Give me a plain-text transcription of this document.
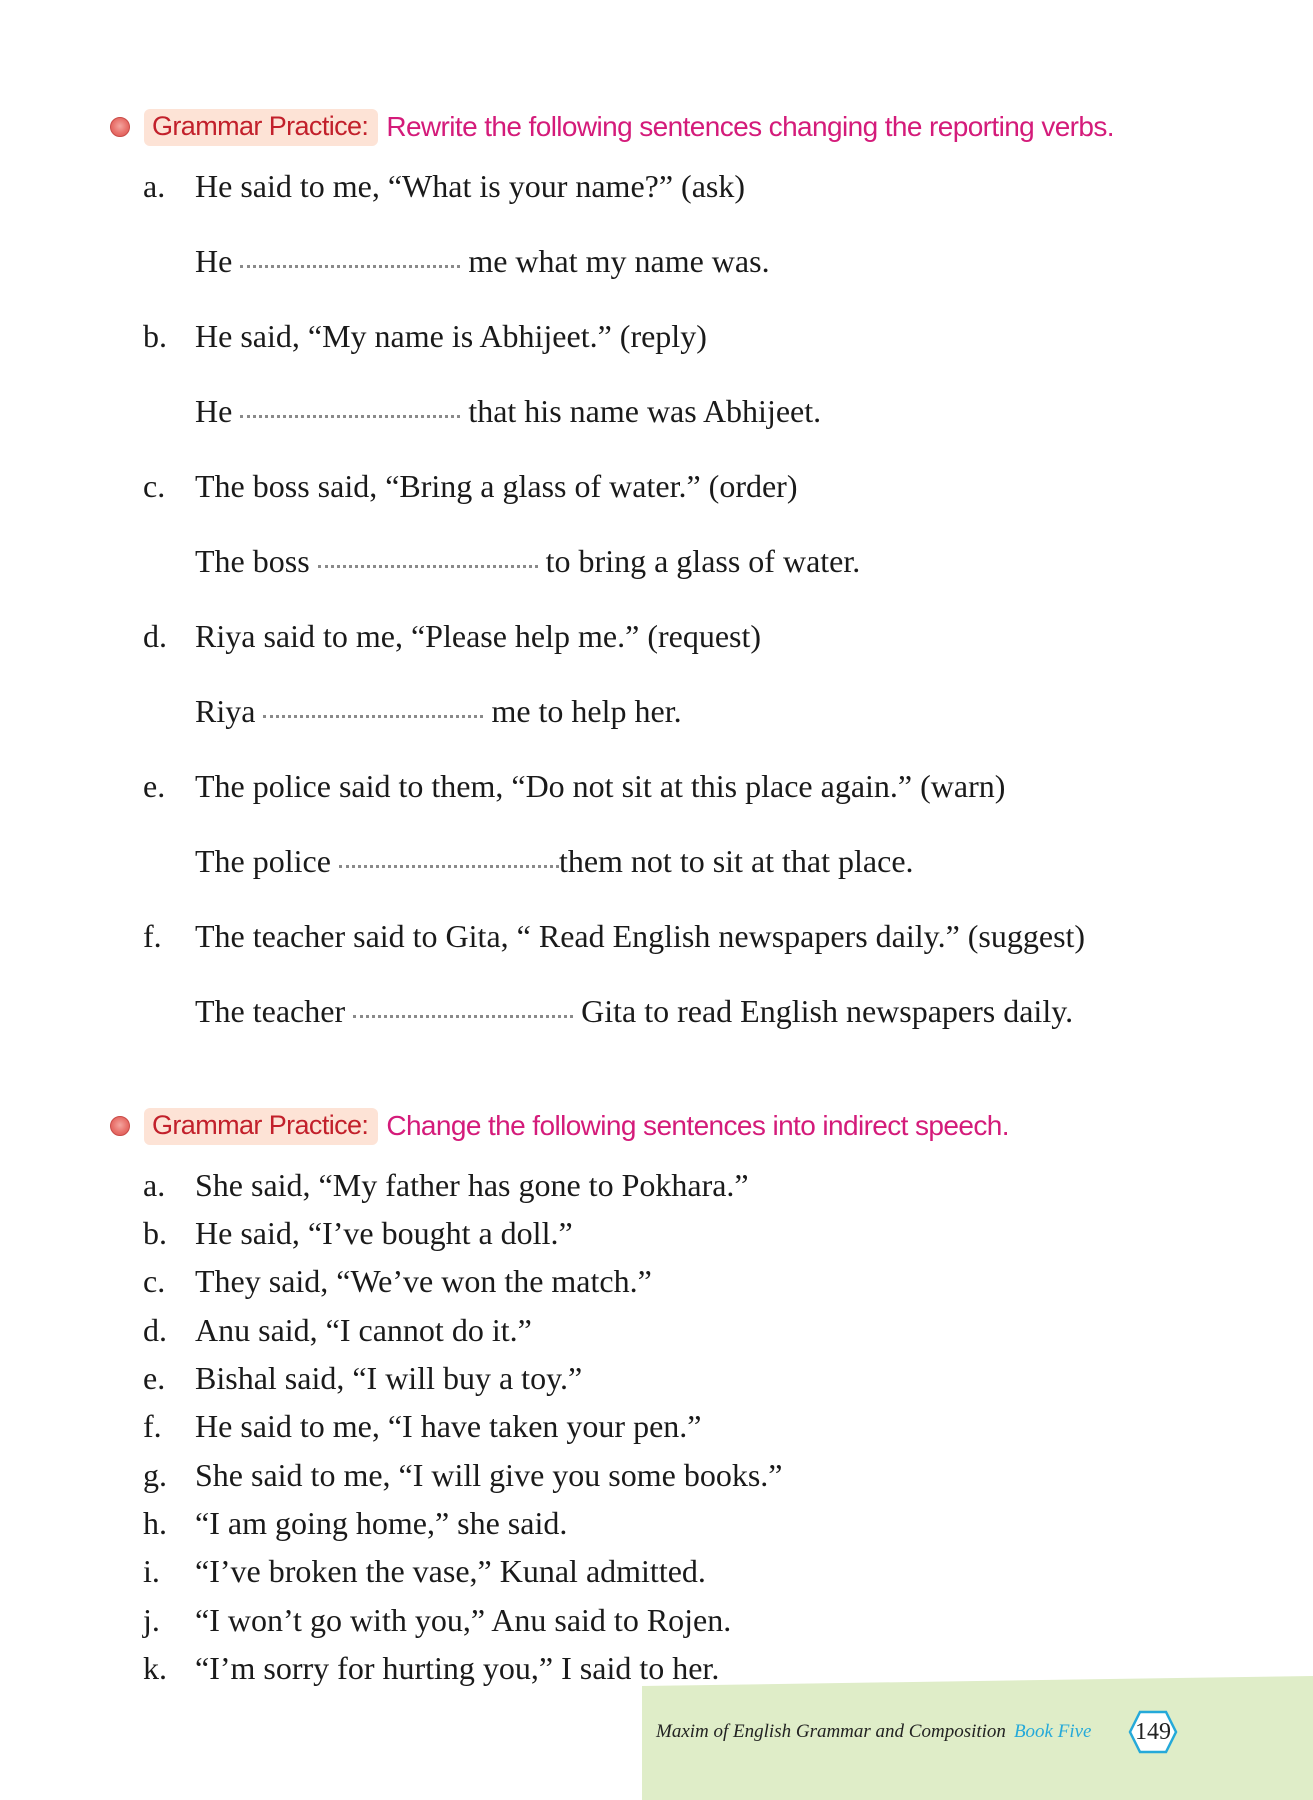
Grammar Practice: Rewrite the following sentences changing the reporting verbs.
a. He said to me, “What is your name?” (ask)
He	me what my name was.
b. He said, “My name is Abhijeet.” (reply)
He	that his name was Abhijeet.
c. The boss said, “Bring a glass of water.” (order)
The boss	to bring a glass of water.
d. Riya said to me, “Please help me.” (request)
Riya	me to help her.
e. The police said to them, “Do not sit at this place again.” (warn)
The police	them not to sit at that place.
f. The teacher said to Gita, “ Read English newspapers daily.” (suggest)
The teacher	Gita to read English newspapers daily.
Grammar Practice: Change the following sentences into indirect speech.
a. She said, “My father has gone to Pokhara.”
b. He said, “I’ve bought a doll.”
c. They said, “We’ve won the match.”
d. Anu said, “I cannot do it.”
e. Bishal said, “I will buy a toy.”
f. He said to me, “I have taken your pen.”
g. She said to me, “I will give you some books.”
h. “I am going home,” she said.
i. “I’ve broken the vase,” Kunal admitted.
j. “I won’t go with you,” Anu said to Rojen.
k. “I’m sorry for hurting you,” I said to her.
Maxim of English Grammar and Composition Book Five 149
